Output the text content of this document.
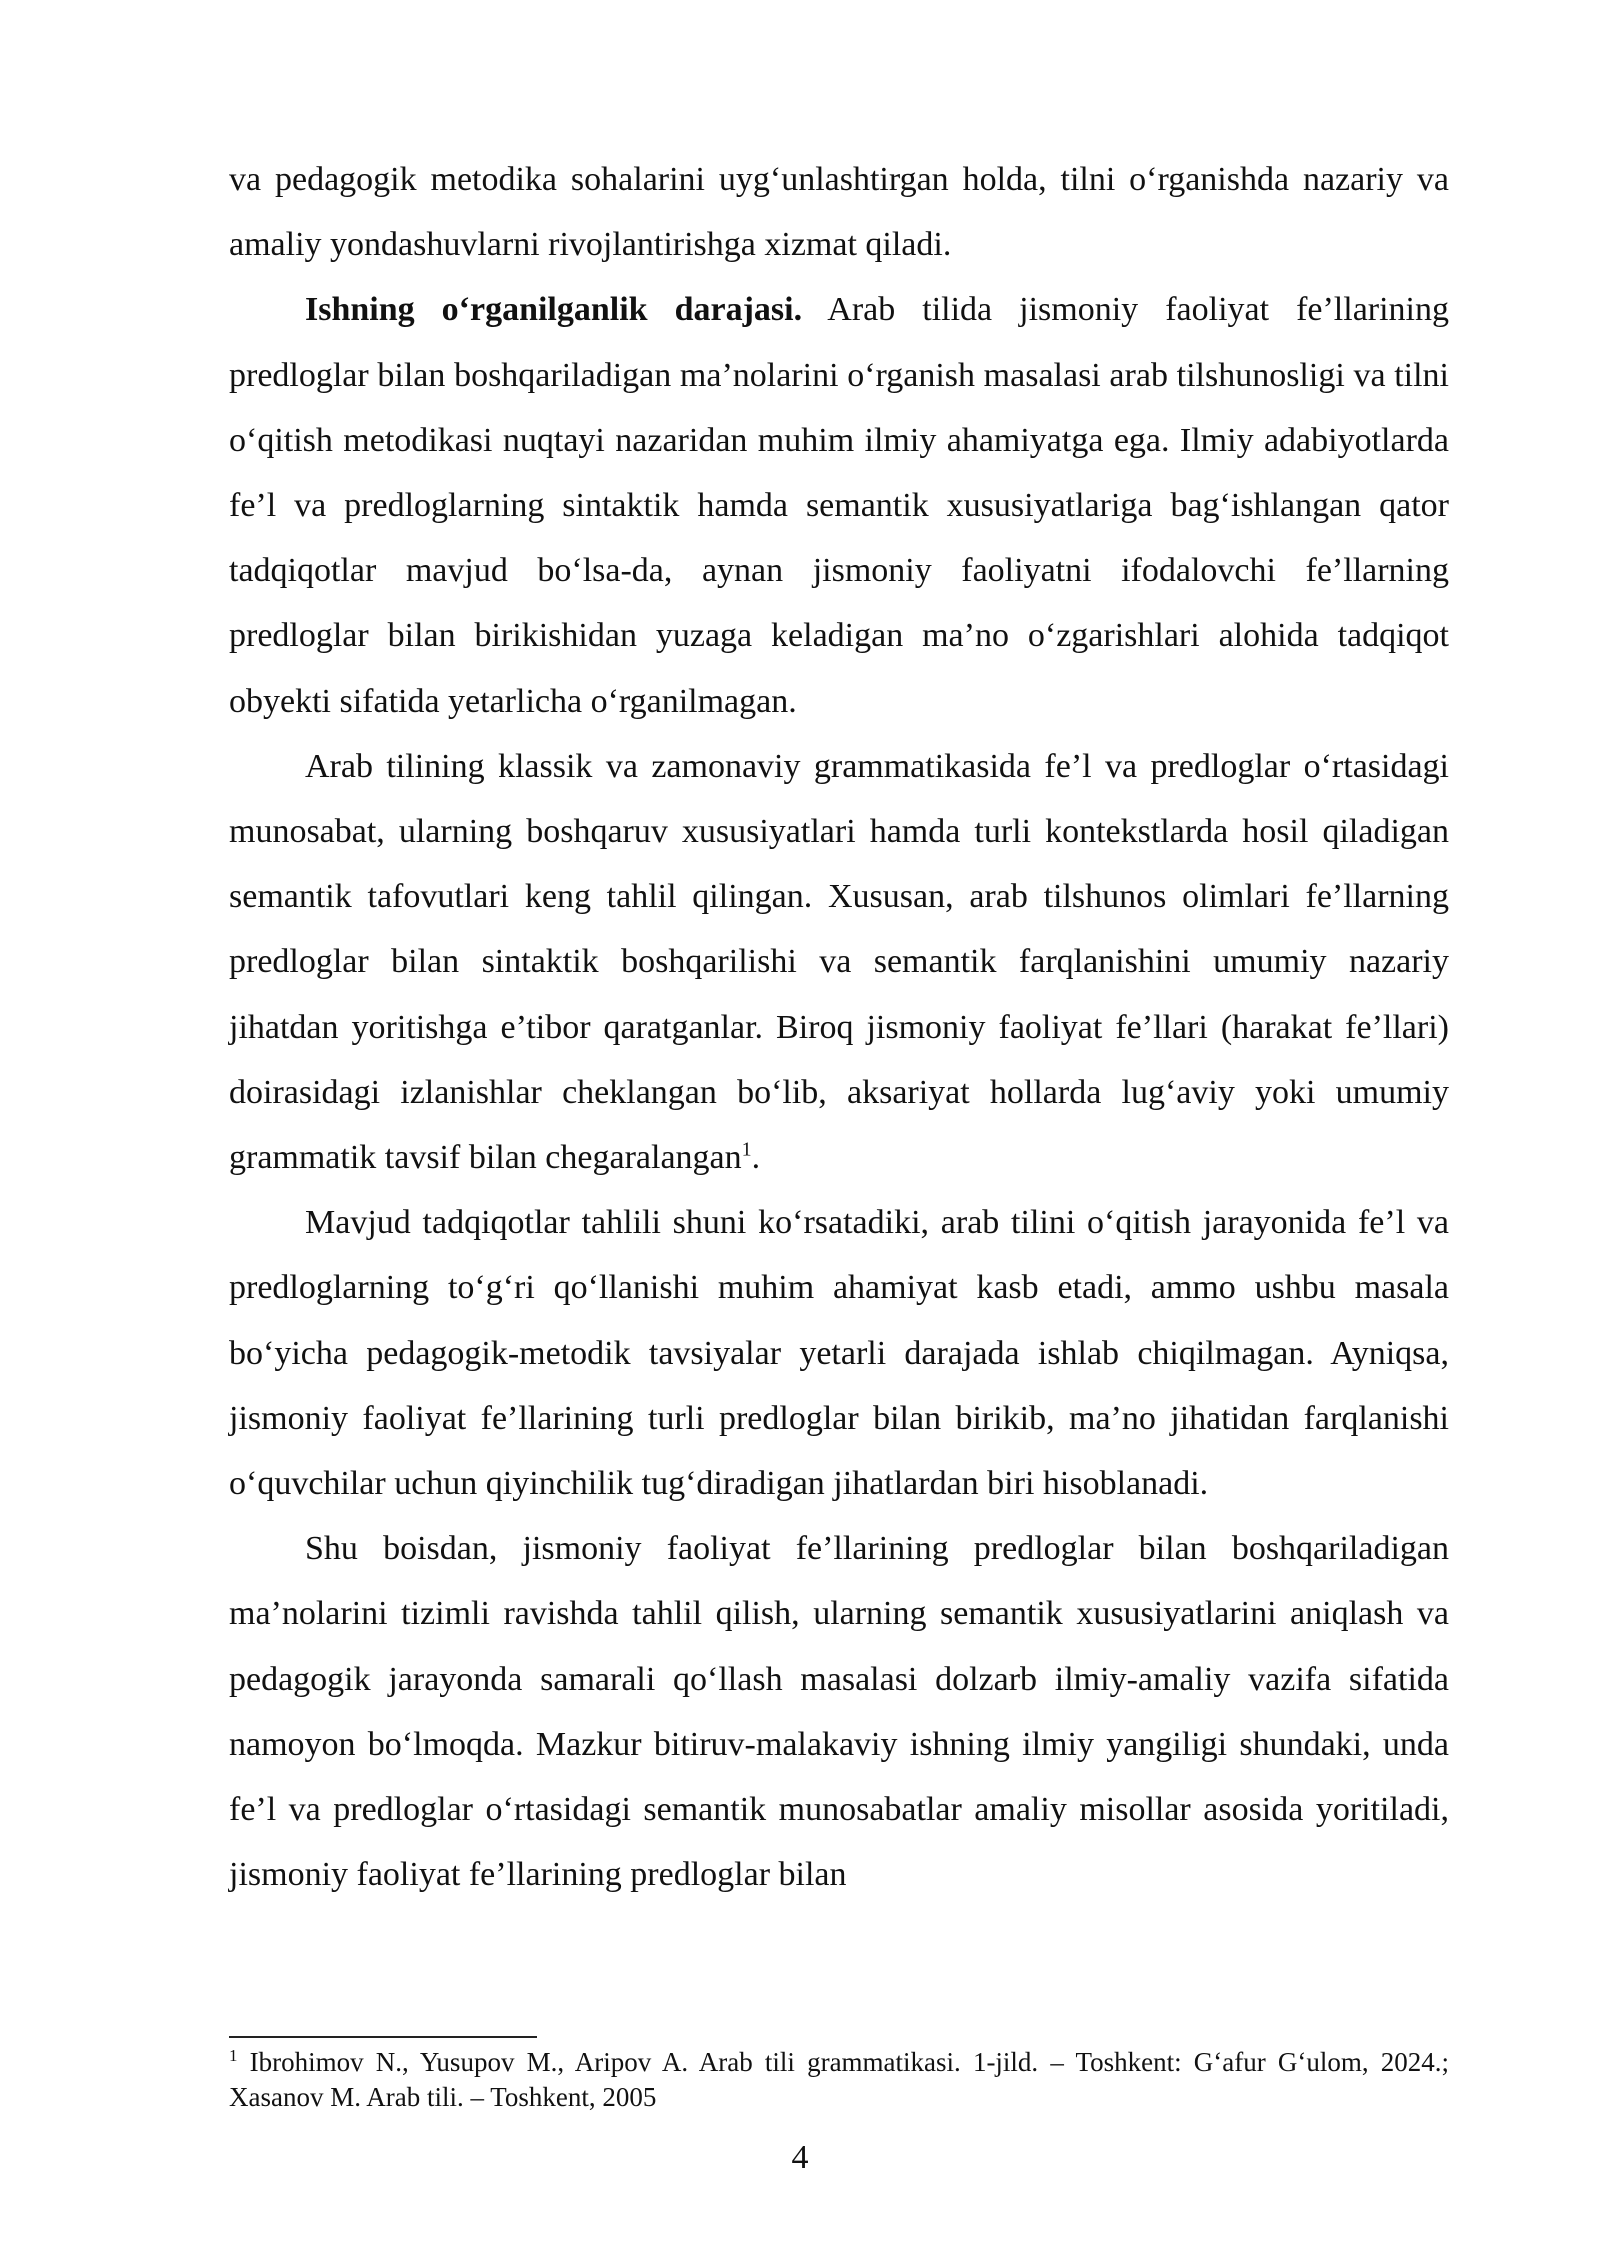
va pedagogik metodika sohalarini uyg‘unlashtirgan holda, tilni o‘rganishda nazariy va amaliy yondashuvlarni rivojlantirishga xizmat qiladi.

Ishning o‘rganilganlik darajasi. Arab tilida jismoniy faoliyat fe’llarining predloglar bilan boshqariladigan ma’nolarini o‘rganish masalasi arab tilshunosligi va tilni o‘qitish metodikasi nuqtayi nazaridan muhim ilmiy ahamiyatga ega. Ilmiy adabiyotlarda fe’l va predloglarning sintaktik hamda semantik xususiyatlariga bag‘ishlangan qator tadqiqotlar mavjud bo‘lsa-da, aynan jismoniy faoliyatni ifodalovchi fe’llarning predloglar bilan birikishidan yuzaga keladigan ma’no o‘zgarishlari alohida tadqiqot obyekti sifatida yetarlicha o‘rganilmagan.

Arab tilining klassik va zamonaviy grammatikasida fe’l va predloglar o‘rtasidagi munosabat, ularning boshqaruv xususiyatlari hamda turli kontekstlarda hosil qiladigan semantik tafovutlari keng tahlil qilingan. Xususan, arab tilshunos olimlari fe’llarning predloglar bilan sintaktik boshqarilishi va semantik farqlanishini umumiy nazariy jihatdan yoritishga e’tibor qaratganlar. Biroq jismoniy faoliyat fe’llari (harakat fe’llari) doirasidagi izlanishlar cheklangan bo‘lib, aksariyat hollarda lug‘aviy yoki umumiy grammatik tavsif bilan chegaralangan$^1$.

Mavjud tadqiqotlar tahlili shuni ko‘rsatadiki, arab tilini o‘qitish jarayonida fe’l va predloglarning to‘g‘ri qo‘llanishi muhim ahamiyat kasb etadi, ammo ushbu masala bo‘yicha pedagogik-metodik tavsiyalar yetarli darajada ishlab chiqilmagan. Ayniqsa, jismoniy faoliyat fe’llarining turli predloglar bilan birikib, ma’no jihatidan farqlanishi o‘quvchilar uchun qiyinchilik tug‘diradigan jihatlardan biri hisoblanadi.

Shu boisdan, jismoniy faoliyat fe’llarining predloglar bilan boshqariladigan ma’nolarini tizimli ravishda tahlil qilish, ularning semantik xususiyatlarini aniqlash va pedagogik jarayonda samarali qo‘llash masalasi dolzarb ilmiy-amaliy vazifa sifatida namoyon bo‘lmoqda. Mazkur bitiruv-malakaviy ishning ilmiy yangiligi shundaki, unda fe’l va predloglar o‘rtasidagi semantik munosabatlar amaliy misollar asosida yoritiladi, jismoniy faoliyat fe’llarining predloglar bilan

$^1$ Ibrohimov N., Yusupov M., Aripov A. Arab tili grammatikasi. 1-jild. – Toshkent: G‘afur G‘ulom, 2024.; Xasanov M. Arab tili. – Toshkent, 2005

4
